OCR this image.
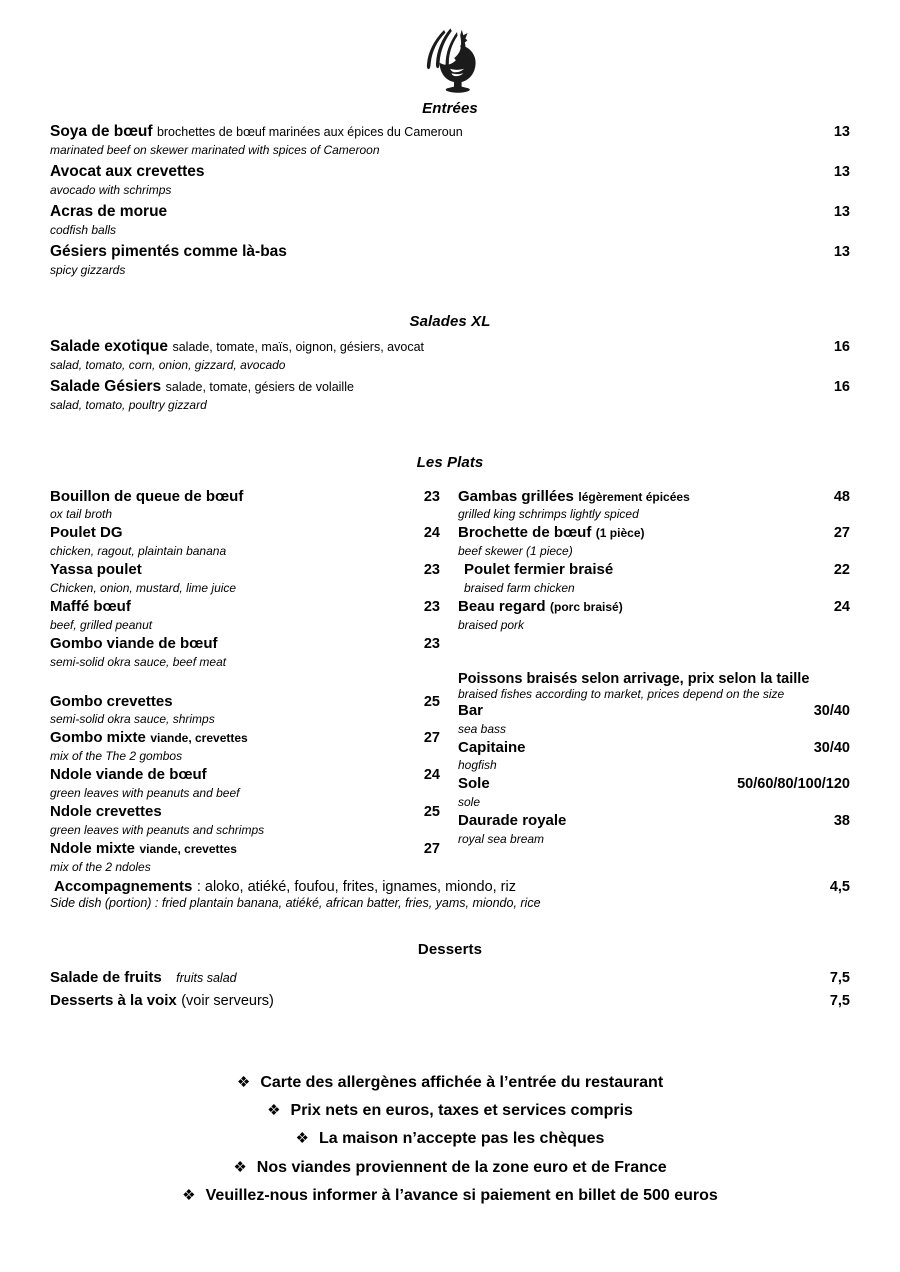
Entrées
Soya de bœuf brochettes de bœuf marinées aux épices du Cameroun	13
marinated beef on skewer marinated with spices of Cameroon
Avocat aux crevettes	13
avocado with schrimps
Acras de morue	13
codfish balls
Gésiers pimentés comme là-bas	13
spicy gizzards
Salades XL
Salade exotique salade, tomate, maïs, oignon, gésiers, avocat	16
salad, tomato, corn, onion, gizzard, avocado
Salade Gésiers salade, tomate, gésiers de volaille	16
salad, tomato, poultry gizzard
Les Plats
Bouillon de queue de bœuf	23
ox tail broth
Poulet DG	24
chicken, ragout, plaintain banana
Yassa poulet	23
Chicken, onion, mustard, lime juice
Maffé bœuf	23
beef, grilled peanut
Gombo viande de bœuf	23
semi-solid okra sauce, beef meat
Gombo crevettes	25
semi-solid okra sauce, shrimps
Gombo mixte viande, crevettes	27
mix of the The 2 gombos
Ndole viande de bœuf	24
green leaves with peanuts and beef
Ndole crevettes	25
green leaves with peanuts and schrimps
Ndole mixte viande, crevettes	27
mix of the 2 ndoles
Gambas grillées légèrement épicées	48
grilled king schrimps lightly spiced
Brochette de bœuf (1 pièce)	27
beef skewer (1 piece)
Poulet fermier braisé	22
braised farm chicken
Beau regard (porc braisé)	24
braised pork
Poissons braisés selon arrivage, prix selon la taille
braised fishes according to market, prices depend on the size
Bar	30/40
sea bass
Capitaine	30/40
hogfish
Sole	50/60/80/100/120
sole
Daurade royale	38
royal sea bream
Accompagnements : aloko, atiéké, foufou, frites, ignames, miondo, riz	4,5
Side dish (portion) : fried plantain banana, atiéké, african batter, fries, yams, miondo, rice
Desserts
Salade de fruits fruits salad	7,5
Desserts à la voix (voir serveurs)	7,5
❖ Carte des allergènes affichée à l’entrée du restaurant
❖ Prix nets en euros, taxes et services compris
❖ La maison n’accepte pas les chèques
❖ Nos viandes proviennent de la zone euro et de France
❖ Veuillez-nous informer à l’avance si paiement en billet de 500 euros
